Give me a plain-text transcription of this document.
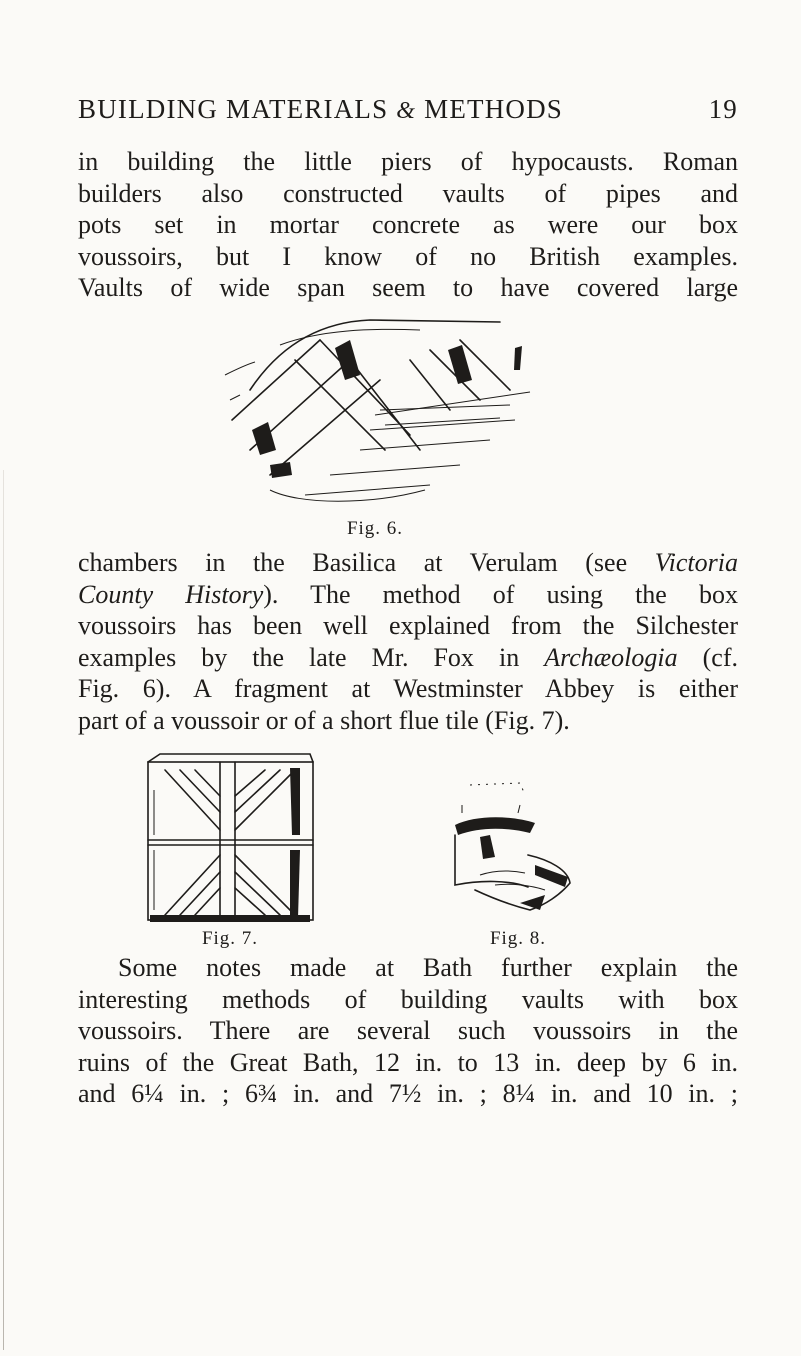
BUILDING MATERIALS & METHODS	19

in building the little piers of hypocausts. Roman
builders also constructed vaults of pipes and
pots set in mortar concrete as were our box
voussoirs, but I know of no British examples.
Vaults of wide span seem to have covered large

Fig. 6.

chambers in the Basilica at Verulam (see Victoria
County History). The method of using the box
voussoirs has been well explained from the Silchester
examples by the late Mr. Fox in Archæologia (cf.
Fig. 6). A fragment at Westminster Abbey is either
part of a voussoir or of a short flue tile (Fig. 7).

Fig. 7.	Fig. 8.

Some notes made at Bath further explain the
interesting methods of building vaults with box
voussoirs. There are several such voussoirs in the
ruins of the Great Bath, 12 in. to 13 in. deep by 6 in.
and 6¼ in. ; 6¾ in. and 7½ in. ; 8¼ in. and 10 in. ;
